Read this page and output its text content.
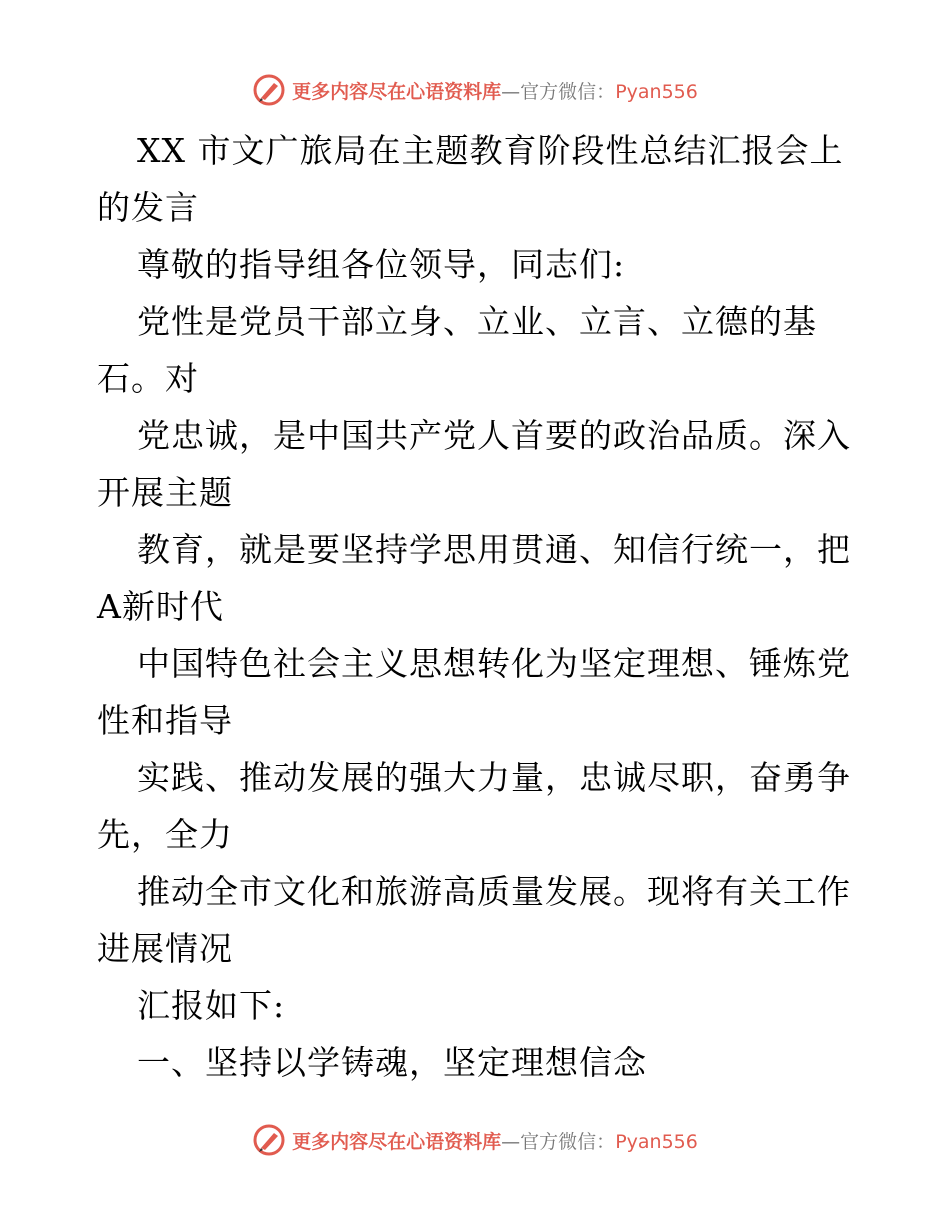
更多内容尽在心语资料库—官方微信：Pyan556
XX 市文广旅局在主题教育阶段性总结汇报会上
的发言
尊敬的指导组各位领导，同志们:
党性是党员干部立身、立业、立言、立德的基
石。对
党忠诚，是中国共产党人首要的政治品质。深入
开展主题
教育，就是要坚持学思用贯通、知信行统一，把
A新时代
中国特色社会主义思想转化为坚定理想、锤炼党
性和指导
实践、推动发展的强大力量，忠诚尽职，奋勇争
先，全力
推动全市文化和旅游高质量发展。现将有关工作
进展情况
汇报如下:
一、坚持以学铸魂，坚定理想信念
更多内容尽在心语资料库—官方微信：Pyan556
